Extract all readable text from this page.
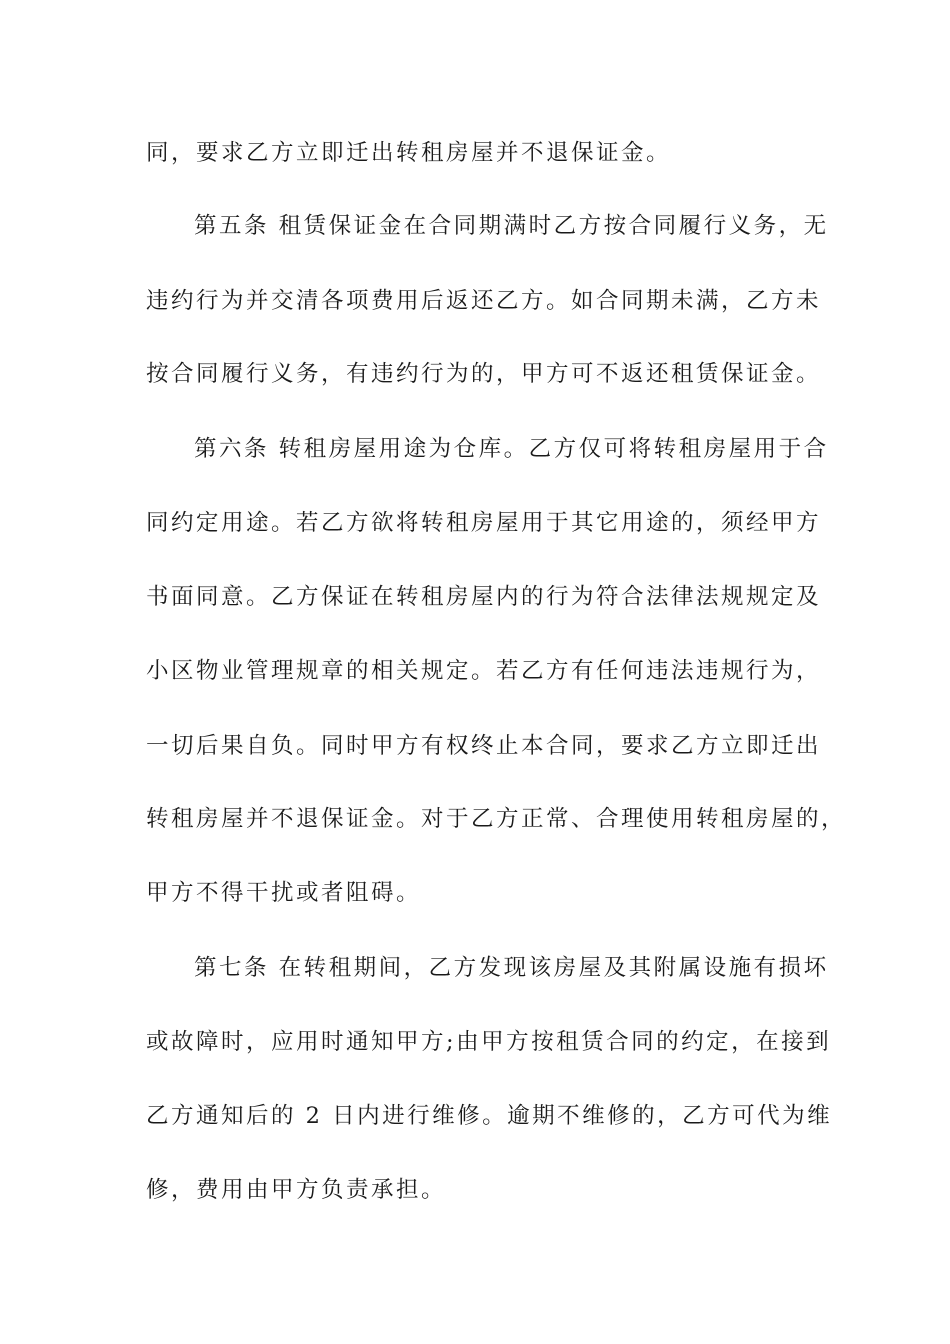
同，要求乙方立即迁出转租房屋并不退保证金。
第五条 租赁保证金在合同期满时乙方按合同履行义务，无
违约行为并交清各项费用后返还乙方。如合同期未满，乙方未
按合同履行义务，有违约行为的，甲方可不返还租赁保证金。
第六条 转租房屋用途为仓库。乙方仅可将转租房屋用于合
同约定用途。若乙方欲将转租房屋用于其它用途的，须经甲方
书面同意。乙方保证在转租房屋内的行为符合法律法规规定及
小区物业管理规章的相关规定。若乙方有任何违法违规行为，
一切后果自负。同时甲方有权终止本合同，要求乙方立即迁出
转租房屋并不退保证金。对于乙方正常、合理使用转租房屋的，
甲方不得干扰或者阻碍。
第七条 在转租期间，乙方发现该房屋及其附属设施有损坏
或故障时，应用时通知甲方;由甲方按租赁合同的约定，在接到
乙方通知后的 2 日内进行维修。逾期不维修的，乙方可代为维
修，费用由甲方负责承担。
